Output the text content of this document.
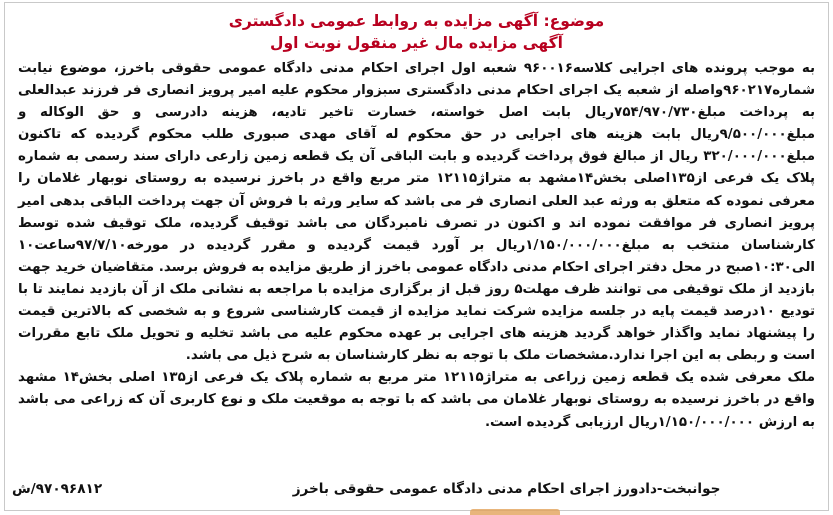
موضوع: آگهی مزایده به روابط عمومی دادگستری
آگهی مزایده مال غیر منقول نوبت اول

به موجب پرونده های اجرایی کلاسه۹۶۰۰۱۶ شعبه اول اجرای احکام مدنی دادگاه عمومی حقوقی باخرز، موضوع نیابت شماره۹۶۰۲۱۷واصله از شعبه یک اجرای احکام مدنی دادگستری سبزوار محکوم علیه امیر پرویز انصاری فر فرزند عبدالعلی به پرداخت مبلغ۷۵۴/۹۷۰/۷۳۰ریال بابت اصل خواسته، خسارت تاخیر تادیه، هزینه دادرسی و حق الوکاله و مبلغ۹/۵۰۰/۰۰۰ریال بابت هزینه های اجرایی در حق محکوم له آقای مهدی صبوری طلب محکوم گردیده که تاکنون مبلغ۳۲۰/۰۰۰/۰۰۰ ریال از مبالغ فوق پرداخت گردیده و بابت الباقی آن یک قطعه زمین زارعی دارای سند رسمی به شماره پلاک یک فرعی از۱۳۵اصلی بخش۱۴مشهد به متراژ۱۲۱۱۵ متر مربع واقع در باخرز نرسیده به روستای نوبهار غلامان را معرفی نموده که متعلق به ورثه عبد العلی انصاری فر می باشد که سایر ورثه با فروش آن جهت پرداخت الباقی بدهی امیر پرویز انصاری فر موافقت نموده اند و اکنون در تصرف نامبردگان می باشد توقیف گردیده، ملک توقیف شده توسط کارشناسان منتخب به مبلغ۱/۱۵۰/۰۰۰/۰۰۰ریال بر آورد قیمت گردیده و مقرر گردیده در مورخه۹۷/۷/۱۰ساعت۱۰ الی۱۰:۳۰صبح در محل دفتر اجرای احکام مدنی دادگاه عمومی باخرز از طریق مزایده به فروش برسد. متقاضیان خرید جهت بازدید از ملک توقیفی می توانند ظرف مهلت۵ روز قبل از برگزاری مزایده با مراجعه به نشانی ملک از آن بازدید نمایند تا با تودیع ۱۰درصد قیمت پایه در جلسه مزایده شرکت نماید مزایده از قیمت کارشناسی شروع و به شخصی که بالاترین قیمت را پیشنهاد نماید واگذار خواهد گردید هزینه های اجرایی بر عهده محکوم علیه می باشد تخلیه و تحویل ملک تابع مقررات است و ربطی به این اجرا ندارد.مشخصات ملک با توجه به نظر کارشناسان به شرح ذیل می باشد.

ملک معرفی شده یک قطعه زمین زراعی به متراژ۱۲۱۱۵ متر مربع به شماره پلاک یک فرعی از۱۳۵ اصلی بخش۱۴ مشهد واقع در باخرز نرسیده به روستای نوبهار غلامان می باشد که با توجه به موقعیت ملک و نوع کاربری آن که زراعی می باشد به ارزش ۱/۱۵۰/۰۰۰/۰۰۰ریال ارزیابی گردیده است.

جوانبخت-دادورز اجرای احکام مدنی دادگاه عمومی حقوقی باخرز
۹۷۰۹۶۸۱۲/ش
